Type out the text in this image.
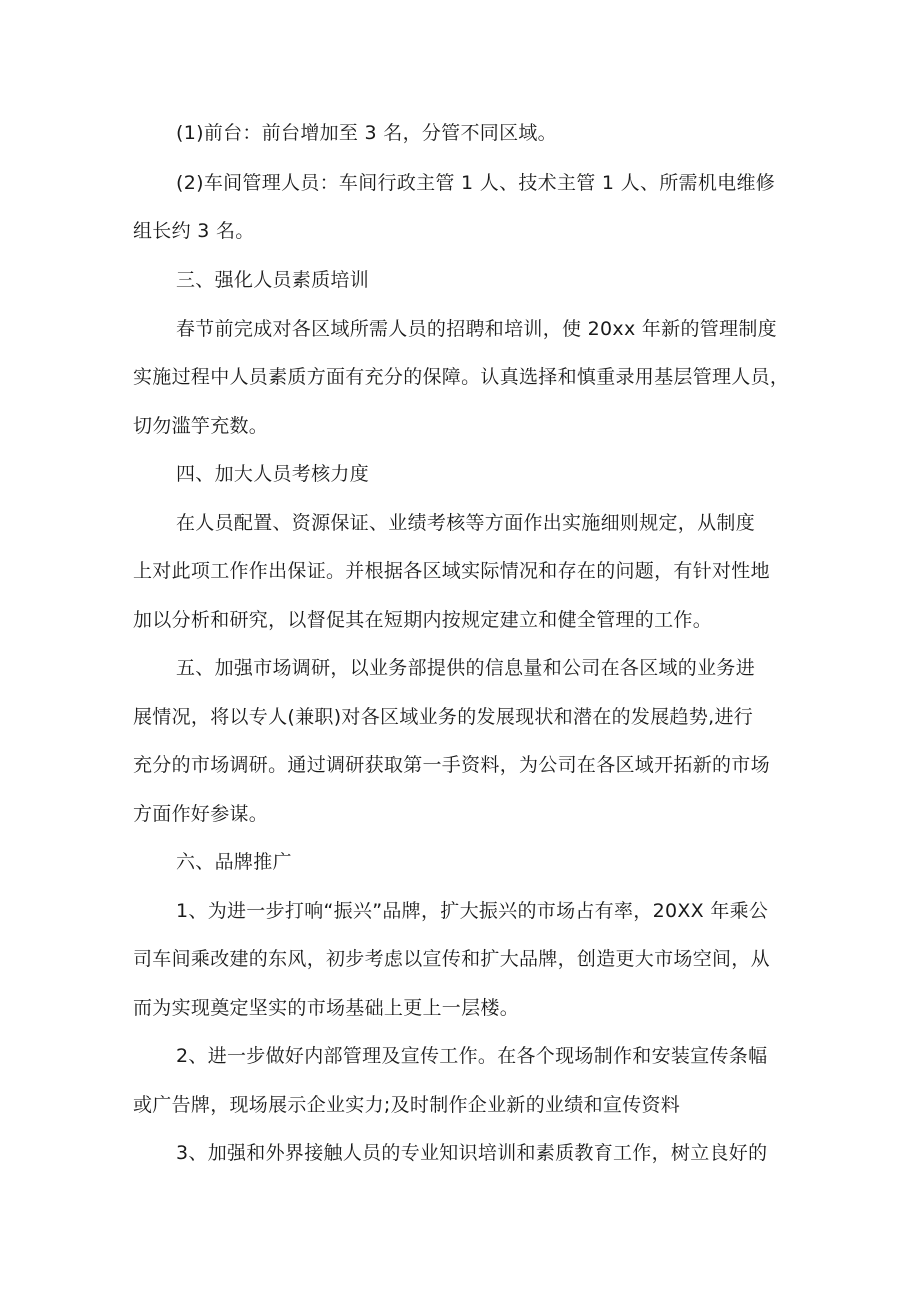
(1)前台：前台增加至 3 名，分管不同区域。

(2)车间管理人员：车间行政主管 1 人、技术主管 1 人、所需机电维修

组长约 3 名。

三、强化人员素质培训

春节前完成对各区域所需人员的招聘和培训，使 20xx 年新的管理制度

实施过程中人员素质方面有充分的保障。认真选择和慎重录用基层管理人员，

切勿滥竽充数。

四、加大人员考核力度

在人员配置、资源保证、业绩考核等方面作出实施细则规定，从制度

上对此项工作作出保证。并根据各区域实际情况和存在的问题，有针对性地

加以分析和研究，以督促其在短期内按规定建立和健全管理的工作。

五、加强市场调研，以业务部提供的信息量和公司在各区域的业务进

展情况，将以专人(兼职)对各区域业务的发展现状和潜在的发展趋势,进行

充分的市场调研。通过调研获取第一手资料，为公司在各区域开拓新的市场

方面作好参谋。

六、品牌推广

1、为进一步打响“振兴”品牌，扩大振兴的市场占有率，20XX 年乘公

司车间乘改建的东风，初步考虑以宣传和扩大品牌，创造更大市场空间，从

而为实现奠定坚实的市场基础上更上一层楼。

2、进一步做好内部管理及宣传工作。在各个现场制作和安装宣传条幅

或广告牌，现场展示企业实力;及时制作企业新的业绩和宣传资料

3、加强和外界接触人员的专业知识培训和素质教育工作，树立良好的
